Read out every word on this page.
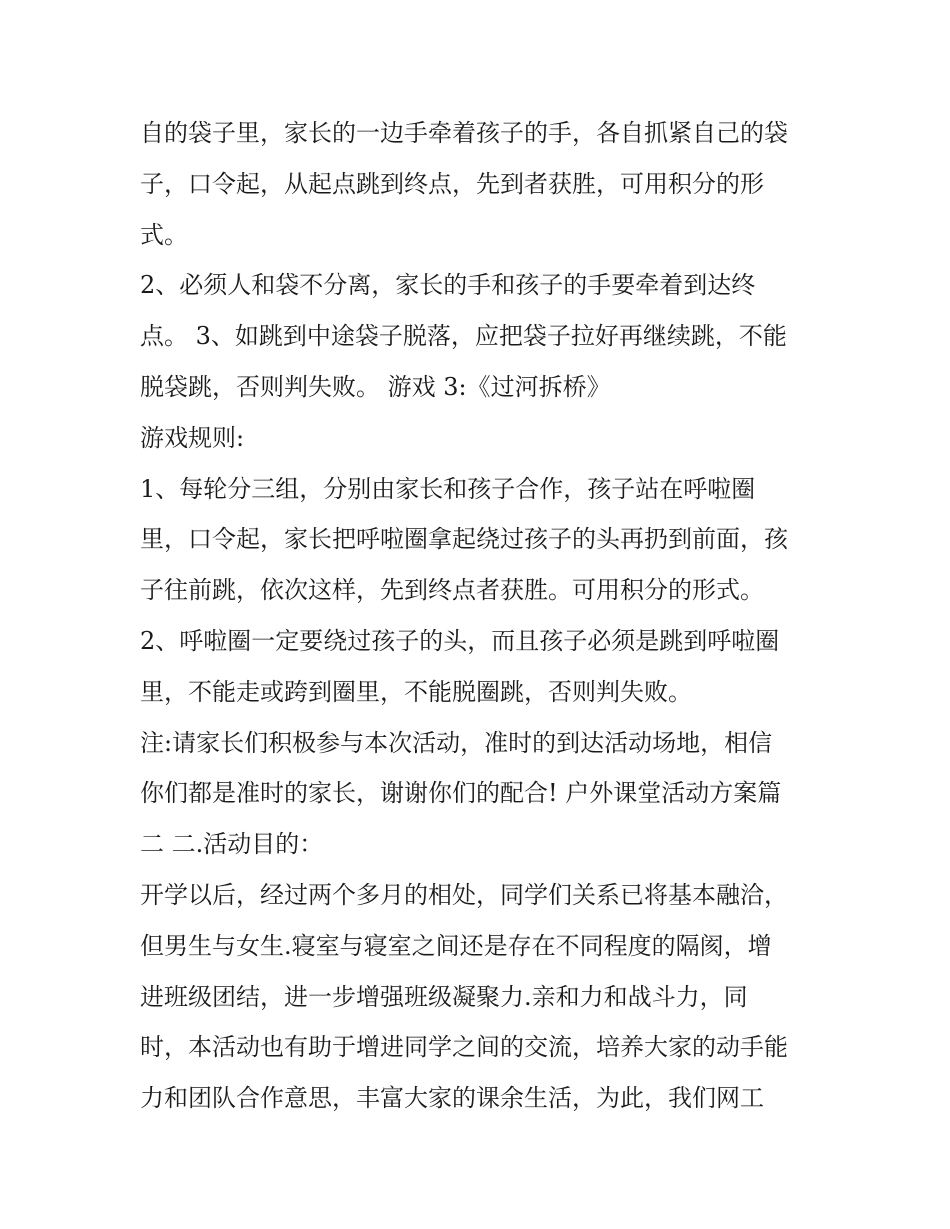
自的袋子里，家长的一边手牵着孩子的手，各自抓紧自己的袋
子，口令起，从起点跳到终点，先到者获胜，可用积分的形
式。
2、必须人和袋不分离，家长的手和孩子的手要牵着到达终
点。 3、如跳到中途袋子脱落，应把袋子拉好再继续跳，不能
脱袋跳，否则判失败。 游戏 3:《过河拆桥》
游戏规则:
1、每轮分三组，分别由家长和孩子合作，孩子站在呼啦圈
里，口令起，家长把呼啦圈拿起绕过孩子的头再扔到前面，孩
子往前跳，依次这样，先到终点者获胜。可用积分的形式。
2、呼啦圈一定要绕过孩子的头，而且孩子必须是跳到呼啦圈
里，不能走或跨到圈里，不能脱圈跳，否则判失败。
注:请家长们积极参与本次活动，准时的到达活动场地，相信
你们都是准时的家长，谢谢你们的配合! 户外课堂活动方案篇
二 二.活动目的：
开学以后，经过两个多月的相处，同学们关系已将基本融洽，
但男生与女生.寝室与寝室之间还是存在不同程度的隔阂，增
进班级团结，进一步增强班级凝聚力.亲和力和战斗力，同
时，本活动也有助于增进同学之间的交流，培养大家的动手能
力和团队合作意思，丰富大家的课余生活，为此，我们网工
